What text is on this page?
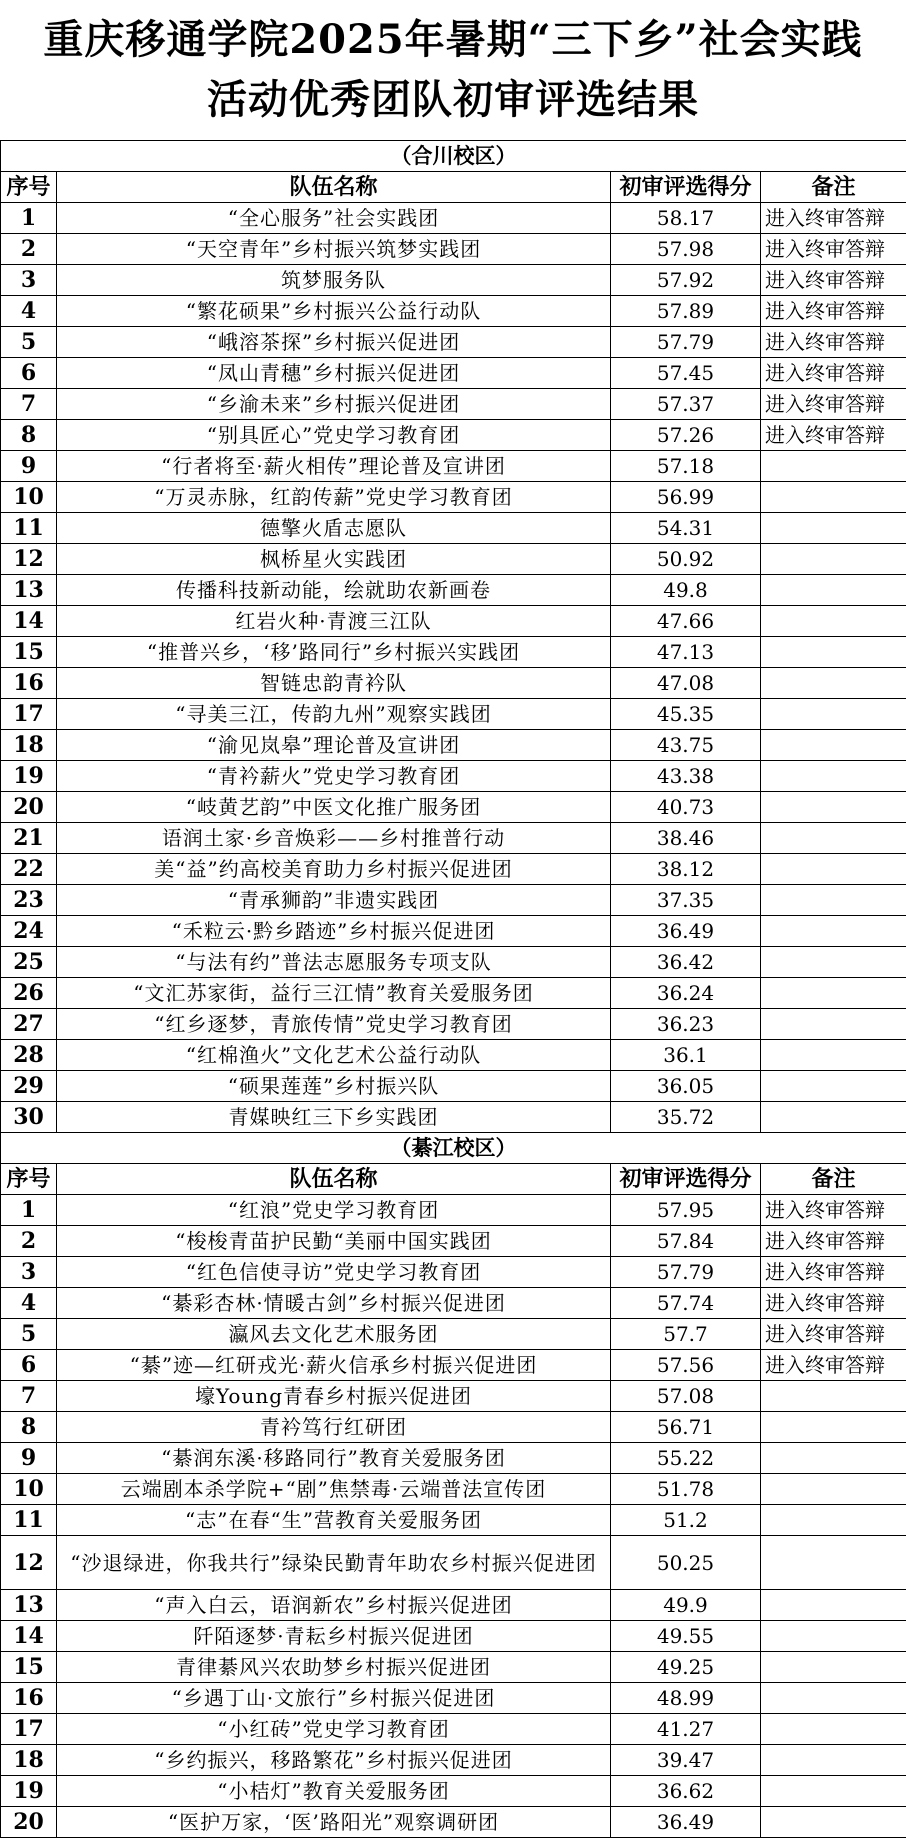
重庆移通学院2025年暑期“三下乡”社会实践
活动优秀团队初审评选结果
（合川校区）			
序号	队伍名称	初审评选得分	备注
1	“全心服务”社会实践团	58.17	进入终审答辩
2	“天空青年”乡村振兴筑梦实践团	57.98	进入终审答辩
3	筑梦服务队	57.92	进入终审答辩
4	“繁花硕果”乡村振兴公益行动队	57.89	进入终审答辩
5	“峨溶茶探”乡村振兴促进团	57.79	进入终审答辩
6	“凤山青穗”乡村振兴促进团	57.45	进入终审答辩
7	“乡渝未来”乡村振兴促进团	57.37	进入终审答辩
8	“别具匠心”党史学习教育团	57.26	进入终审答辩
9	“行者将至·薪火相传”理论普及宣讲团	57.18	
10	“万灵赤脉，红韵传薪”党史学习教育团	56.99	
11	德擎火盾志愿队	54.31	
12	枫桥星火实践团	50.92	
13	传播科技新动能，绘就助农新画卷	49.8	
14	红岩火种·青渡三江队	47.66	
15	“推普兴乡，‘移’路同行”乡村振兴实践团	47.13	
16	智链忠韵青衿队	47.08	
17	“寻美三江，传韵九州”观察实践团	45.35	
18	“渝见岚皋”理论普及宣讲团	43.75	
19	“青衿薪火”党史学习教育团	43.38	
20	“岐黄艺韵”中医文化推广服务团	40.73	
21	语润土家·乡音焕彩——乡村推普行动	38.46	
22	美“益”约高校美育助力乡村振兴促进团	38.12	
23	“青承狮韵”非遗实践团	37.35	
24	“禾粒云·黔乡踏迹”乡村振兴促进团	36.49	
25	“与法有约”普法志愿服务专项支队	36.42	
26	“文汇苏家街，益行三江情”教育关爱服务团	36.24	
27	“红乡逐梦，青旅传情”党史学习教育团	36.23	
28	“红棉渔火”文化艺术公益行动队	36.1	
29	“硕果莲莲”乡村振兴队	36.05	
30	青媒映红三下乡实践团	35.72	
（綦江校区）			
序号	队伍名称	初审评选得分	备注
1	“红浪”党史学习教育团	57.95	进入终审答辩
2	“梭梭青苗护民勤“美丽中国实践团	57.84	进入终审答辩
3	“红色信使寻访”党史学习教育团	57.79	进入终审答辩
4	“綦彩杏林·情暖古剑”乡村振兴促进团	57.74	进入终审答辩
5	瀛风去文化艺术服务团	57.7	进入终审答辩
6	“綦”迹—红研戎光·薪火信承乡村振兴促进团	57.56	进入终审答辩
7	壕Young青春乡村振兴促进团	57.08	
8	青衿笃行红研团	56.71	
9	“綦润东溪·移路同行”教育关爱服务团	55.22	
10	云端剧本杀学院+“剧”焦禁毒·云端普法宣传团	51.78	
11	“志”在春“生”营教育关爱服务团	51.2	
12	“沙退绿进，你我共行”绿染民勤青年助农乡村振兴促进团	50.25	
13	“声入白云，语润新农”乡村振兴促进团	49.9	
14	阡陌逐梦·青耘乡村振兴促进团	49.55	
15	青律綦风兴农助梦乡村振兴促进团	49.25	
16	“乡遇丁山·文旅行”乡村振兴促进团	48.99	
17	“小红砖”党史学习教育团	41.27	
18	“乡约振兴，移路繁花”乡村振兴促进团	39.47	
19	“小桔灯”教育关爱服务团	36.62	
20	“医护万家，‘医’路阳光”观察调研团	36.49	
